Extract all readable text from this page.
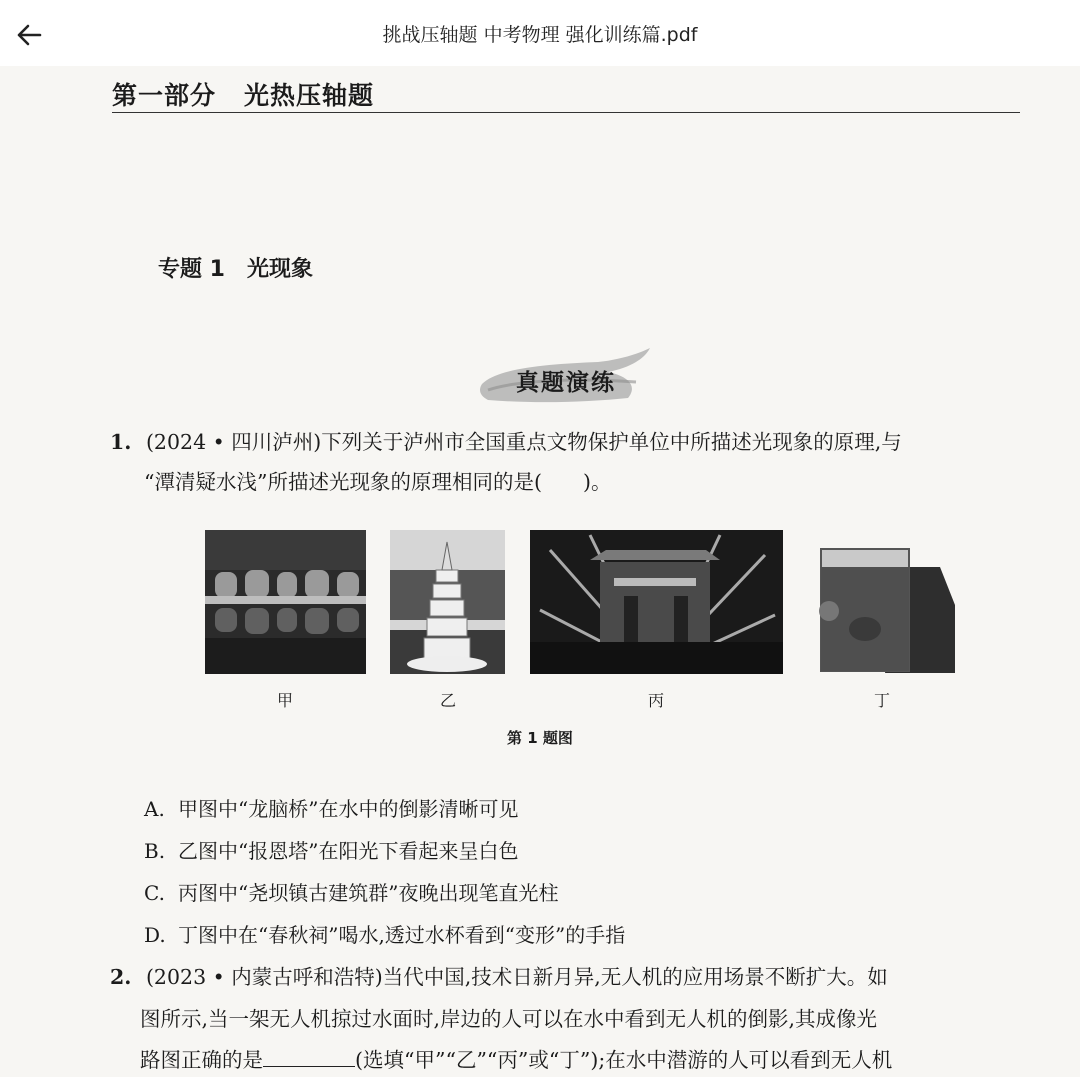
挑战压轴题 中考物理 强化训练篇.pdf
第一部分 光热压轴题
专题 1 光现象
真题演练
1. (2024 • 四川泸州)下列关于泸州市全国重点文物保护单位中所描述光现象的原理,与
“潭清疑水浅”所描述光现象的原理相同的是(　　)。
甲	乙	丙	丁
第 1 题图
A. 甲图中“龙脑桥”在水中的倒影清晰可见
B. 乙图中“报恩塔”在阳光下看起来呈白色
C. 丙图中“尧坝镇古建筑群”夜晚出现笔直光柱
D. 丁图中在“春秋祠”喝水,透过水杯看到“变形”的手指
2. (2023 • 内蒙古呼和浩特)当代中国,技术日新月异,无人机的应用场景不断扩大。如
图所示,当一架无人机掠过水面时,岸边的人可以在水中看到无人机的倒影,其成像光
路图正确的是	(选填“甲”“乙”“丙”或“丁”);在水中潜游的人可以看到无人机
